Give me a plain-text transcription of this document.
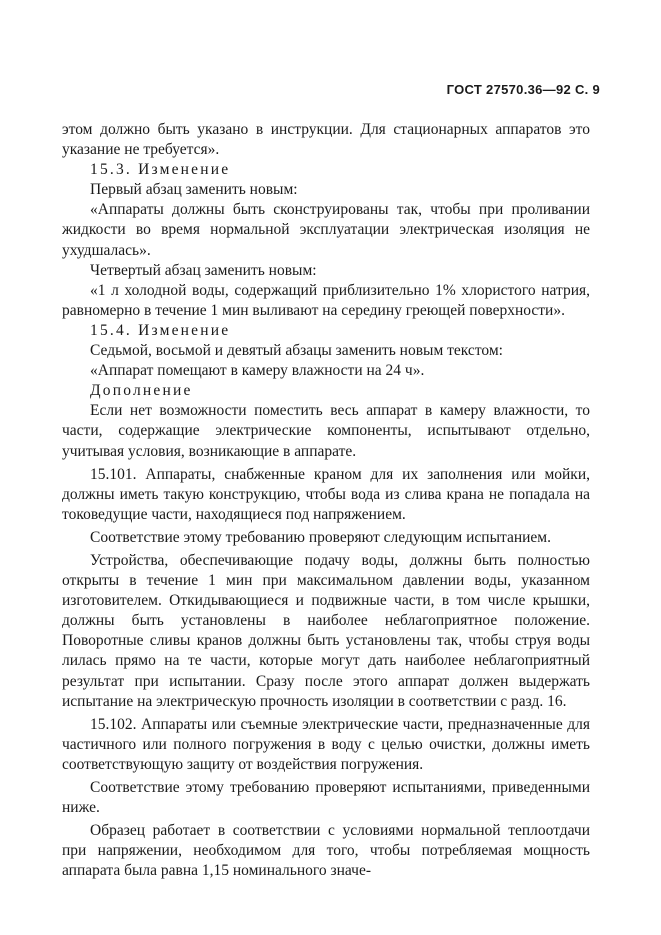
ГОСТ 27570.36—92 С. 9

этом должно быть указано в инструкции. Для стационарных аппаратов это указание не требуется».

15.3. Изменение

Первый абзац заменить новым:

«Аппараты должны быть сконструированы так, чтобы при проливании жидкости во время нормальной эксплуатации электрическая изоляция не ухудшалась».

Четвертый абзац заменить новым:

«1 л холодной воды, содержащий приблизительно 1% хлористого натрия, равномерно в течение 1 мин выливают на середину греющей поверхности».

15.4. Изменение

Седьмой, восьмой и девятый абзацы заменить новым текстом:

«Аппарат помещают в камеру влажности на 24 ч».

Дополнение

Если нет возможности поместить весь аппарат в камеру влажности, то части, содержащие электрические компоненты, испытывают отдельно, учитывая условия, возникающие в аппарате.

15.101. Аппараты, снабженные краном для их заполнения или мойки, должны иметь такую конструкцию, чтобы вода из слива крана не попадала на токоведущие части, находящиеся под напряжением.

Соответствие этому требованию проверяют следующим испытанием.

Устройства, обеспечивающие подачу воды, должны быть полностью открыты в течение 1 мин при максимальном давлении воды, указанном изготовителем. Откидывающиеся и подвижные части, в том числе крышки, должны быть установлены в наиболее неблагоприятное положение. Поворотные сливы кранов должны быть установлены так, чтобы струя воды лилась прямо на те части, которые могут дать наиболее неблагоприятный результат при испытании. Сразу после этого аппарат должен выдержать испытание на электрическую прочность изоляции в соответствии с разд. 16.

15.102. Аппараты или съемные электрические части, предназначенные для частичного или полного погружения в воду с целью очистки, должны иметь соответствующую защиту от воздействия погружения.

Соответствие этому требованию проверяют испытаниями, приведенными ниже.

Образец работает в соответствии с условиями нормальной теплоотдачи при напряжении, необходимом для того, чтобы потребляемая мощность аппарата была равна 1,15 номинального значе-
